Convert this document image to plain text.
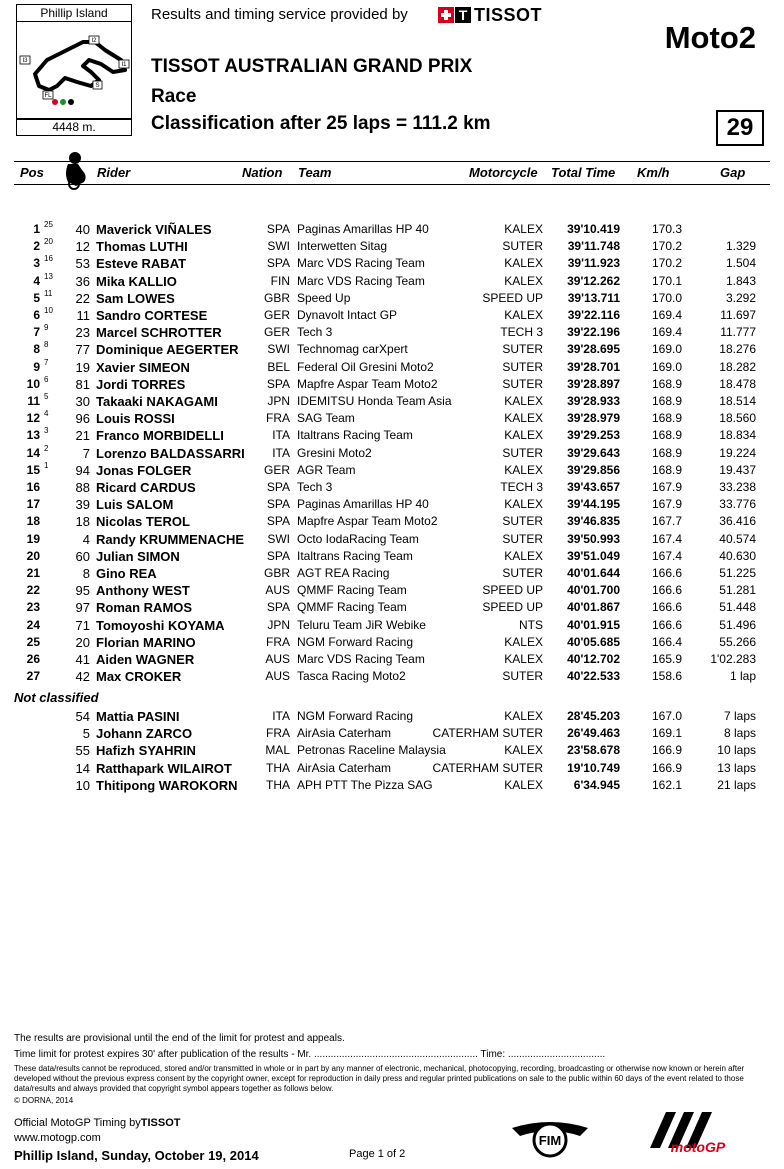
Phillip Island
I2
I3
I1
S
FL
4448 m.
Results and timing service provided by	T TISSOT
Moto2
TISSOT AUSTRALIAN GRAND PRIX
Race
Classification after 25 laps = 111.2 km	29
Pos	Rider	Nation Team	Motorcycle Total Time Km/h	Gap
1 25	40 Maverick VIÑALES	SPA Paginas Amarillas HP 40	KALEX	39'10.419	170.3
2 20	12 Thomas LUTHI	SWI Interwetten Sitag	SUTER	39'11.748	170.2	1.329
3 16	53 Esteve RABAT	SPA Marc VDS Racing Team	KALEX	39'11.923	170.2	1.504
4 13	36 Mika KALLIO	FIN Marc VDS Racing Team	KALEX	39'12.262	170.1	1.843
5 11	22 Sam LOWES	GBR Speed Up	SPEED UP	39'13.711	170.0	3.292
6 10	11 Sandro CORTESE	GER Dynavolt Intact GP	KALEX	39'22.116	169.4	11.697
7 9	23 Marcel SCHROTTER	GER Tech 3	TECH 3	39'22.196	169.4	11.777
8 8	77 Dominique AEGERTER	SWI Technomag carXpert	SUTER	39'28.695	169.0	18.276
9 7	19 Xavier SIMEON	BEL Federal Oil Gresini Moto2	SUTER	39'28.701	169.0	18.282
10 6	81 Jordi TORRES	SPA Mapfre Aspar Team Moto2	SUTER	39'28.897	168.9	18.478
11 5	30 Takaaki NAKAGAMI	JPN IDEMITSU Honda Team Asia	KALEX	39'28.933	168.9	18.514
12 4	96 Louis ROSSI	FRA SAG Team	KALEX	39'28.979	168.9	18.560
13 3	21 Franco MORBIDELLI	ITA Italtrans Racing Team	KALEX	39'29.253	168.9	18.834
14 2	7 Lorenzo BALDASSARRI	ITA Gresini Moto2	SUTER	39'29.643	168.9	19.224
15 1	94 Jonas FOLGER	GER AGR Team	KALEX	39'29.856	168.9	19.437
16	88 Ricard CARDUS	SPA Tech 3	TECH 3	39'43.657	167.9	33.238
17	39 Luis SALOM	SPA Paginas Amarillas HP 40	KALEX	39'44.195	167.9	33.776
18	18 Nicolas TEROL	SPA Mapfre Aspar Team Moto2	SUTER	39'46.835	167.7	36.416
19	4 Randy KRUMMENACHE	SWI Octo IodaRacing Team	SUTER	39'50.993	167.4	40.574
20	60 Julian SIMON	SPA Italtrans Racing Team	KALEX	39'51.049	167.4	40.630
21	8 Gino REA	GBR AGT REA Racing	SUTER	40'01.644	166.6	51.225
22	95 Anthony WEST	AUS QMMF Racing Team	SPEED UP	40'01.700	166.6	51.281
23	97 Roman RAMOS	SPA QMMF Racing Team	SPEED UP	40'01.867	166.6	51.448
24	71 Tomoyoshi KOYAMA	JPN Teluru Team JiR Webike	NTS	40'01.915	166.6	51.496
25	20 Florian MARINO	FRA NGM Forward Racing	KALEX	40'05.685	166.4	55.266
26	41 Aiden WAGNER	AUS Marc VDS Racing Team	KALEX	40'12.702	165.9	1'02.283
27	42 Max CROKER	AUS Tasca Racing Moto2	SUTER	40'22.533	158.6	1 lap
Not classified
54 Mattia PASINI	ITA NGM Forward Racing	KALEX	28'45.203	167.0	7 laps
5 Johann ZARCO	FRA AirAsia Caterham	CATERHAM SUTER	26'49.463	169.1	8 laps
55 Hafizh SYAHRIN	MAL Petronas Raceline Malaysia	KALEX	23'58.678	166.9	10 laps
14 Ratthapark WILAIROT	THA AirAsia Caterham	CATERHAM SUTER	19'10.749	166.9	13 laps
10 Thitipong WAROKORN	THA APH PTT The Pizza SAG	KALEX	6'34.945	162.1	21 laps
The results are provisional until the end of the limit for protest and appeals.
Time limit for protest expires 30' after publication of the results - Mr. ........................................................... Time: ...................................
These data/results cannot be reproduced, stored and/or transmitted in whole or in part by any manner of electronic, mechanical, photocopying, recording, broadcasting or otherwise now known or herein after developed without the previous express consent by the copyright owner, except for reproduction in daily press and regular printed publications on sale to the public within 60 days of the event related to those data/results and always provided that copyright symbol appears together as follows below.
© DORNA, 2014
Official MotoGP Timing byTISSOT
www.motogp.com
Phillip Island, Sunday, October 19, 2014	Page 1 of 2
FIM	motoGP
